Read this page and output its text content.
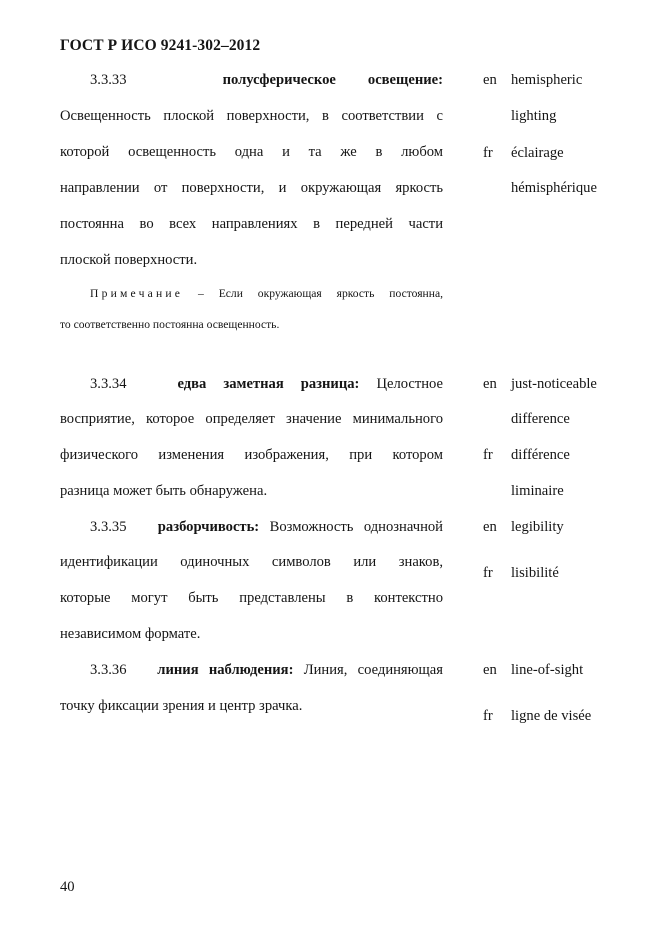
ГОСТ Р ИСО 9241-302–2012
3.3.33	полусферическое освещение:
Освещенность плоской поверхности, в соответствии с
которой освещенность одна и та же в любом
направлении от поверхности, и окружающая яркость
постоянна во всех направлениях в передней части
плоской поверхности.
Примечание – Если окружающая яркость постоянна,
то соответственно постоянна освещенность.
en hemispheric
lighting
fr	éclairage
hémisphérique
3.3.34	едва заметная разница: Целостное
восприятие, которое определяет значение минимального
физического изменения изображения, при котором
разница может быть обнаружена.
en just-noticeable
difference
fr	différence
liminaire
3.3.35 разборчивость: Возможность однозначной
идентификации одиночных символов или знаков,
которые могут быть представлены в контекстно
независимом формате.
en legibility
fr	lisibilité
3.3.36 линия наблюдения: Линия, соединяющая
точку фиксации зрения и центр зрачка.
en line-of-sight
fr	ligne de visée
40
